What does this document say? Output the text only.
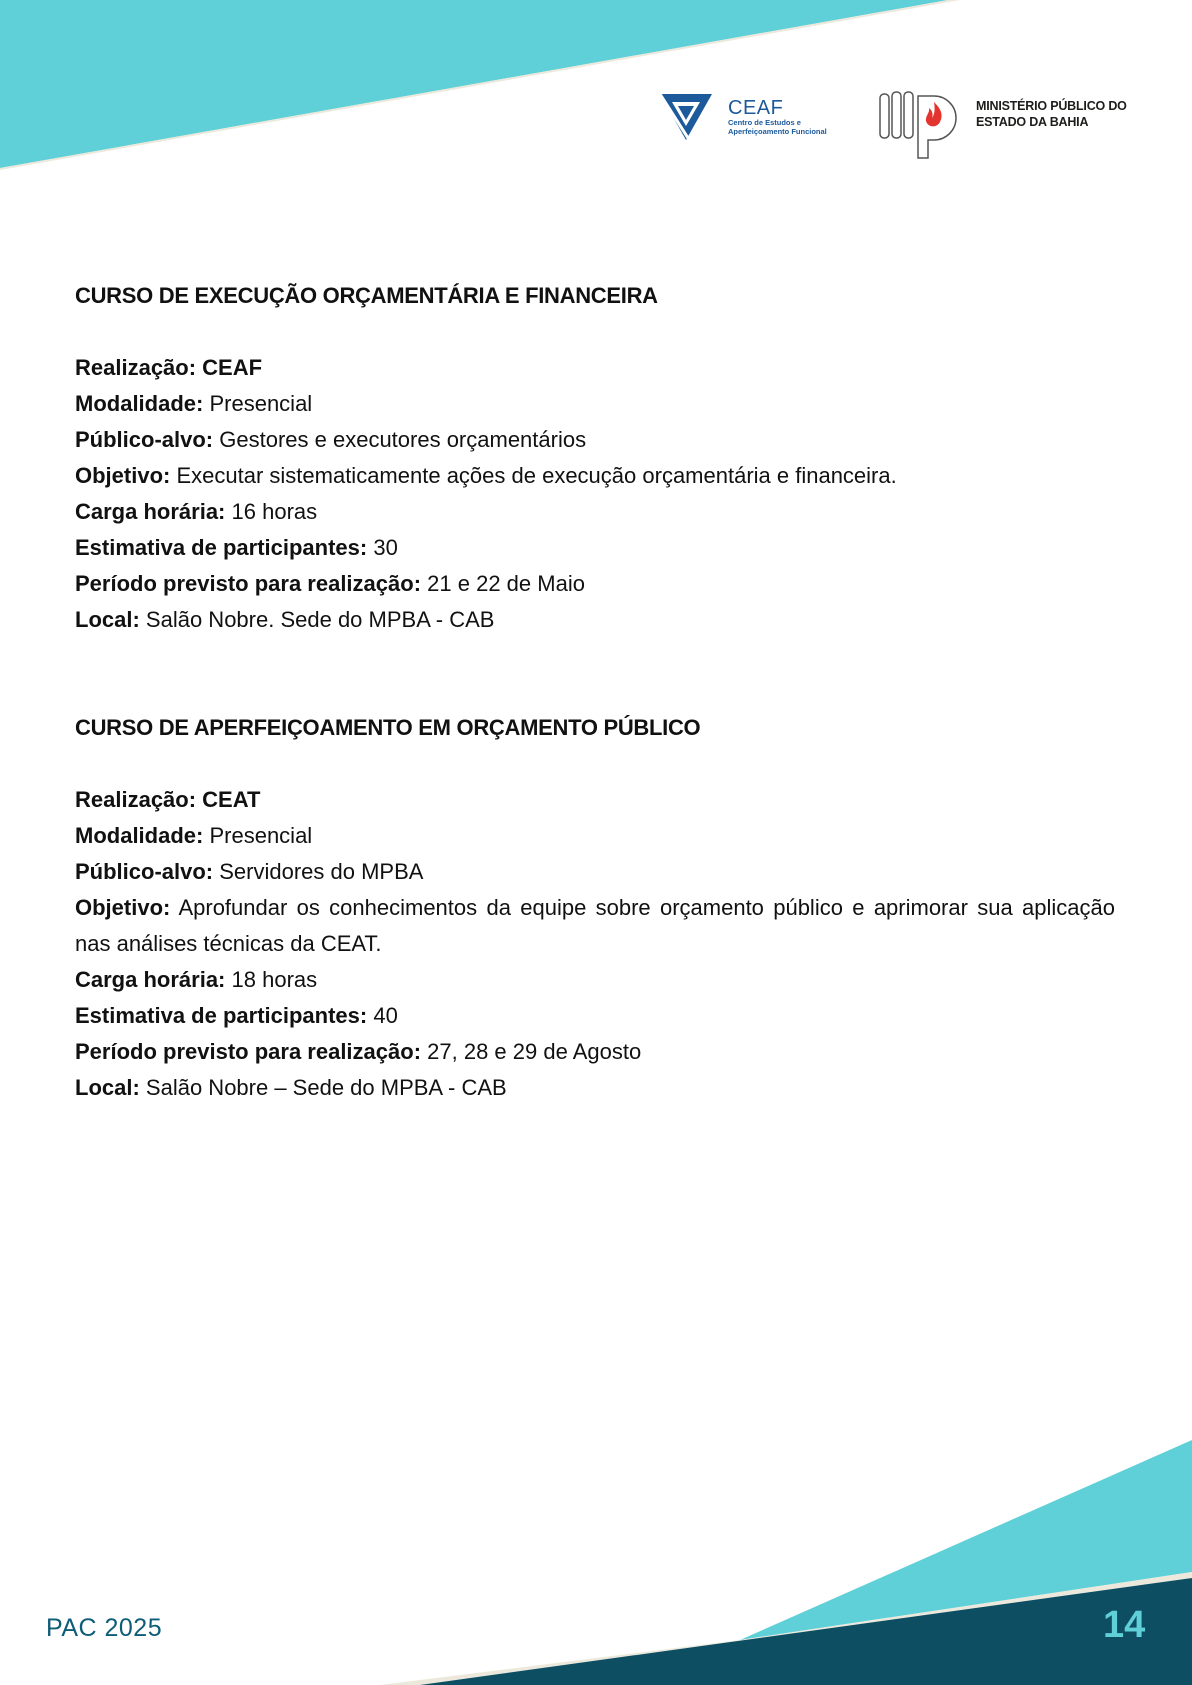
CEAF
Centro de Estudos e Aperfeiçoamento Funcional
MINISTÉRIO PÚBLICO DO ESTADO DA BAHIA
CURSO DE EXECUÇÃO ORÇAMENTÁRIA E FINANCEIRA

Realização: CEAF

Modalidade: Presencial

Público-alvo: Gestores e executores orçamentários

Objetivo: Executar sistematicamente ações de execução orçamentária e financeira.

Carga horária: 16 horas

Estimativa de participantes: 30

Período previsto para realização: 21 e 22 de Maio

Local: Salão Nobre. Sede do MPBA - CAB

CURSO DE APERFEIÇOAMENTO EM ORÇAMENTO PÚBLICO

Realização: CEAT

Modalidade: Presencial

Público-alvo: Servidores do MPBA

Objetivo: Aprofundar os conhecimentos da equipe sobre orçamento público e aprimorar sua aplicação nas análises técnicas da CEAT.

Carga horária: 18 horas

Estimativa de participantes: 40

Período previsto para realização: 27, 28 e 29 de Agosto

Local: Salão Nobre – Sede do MPBA - CAB

PAC 2025	14
